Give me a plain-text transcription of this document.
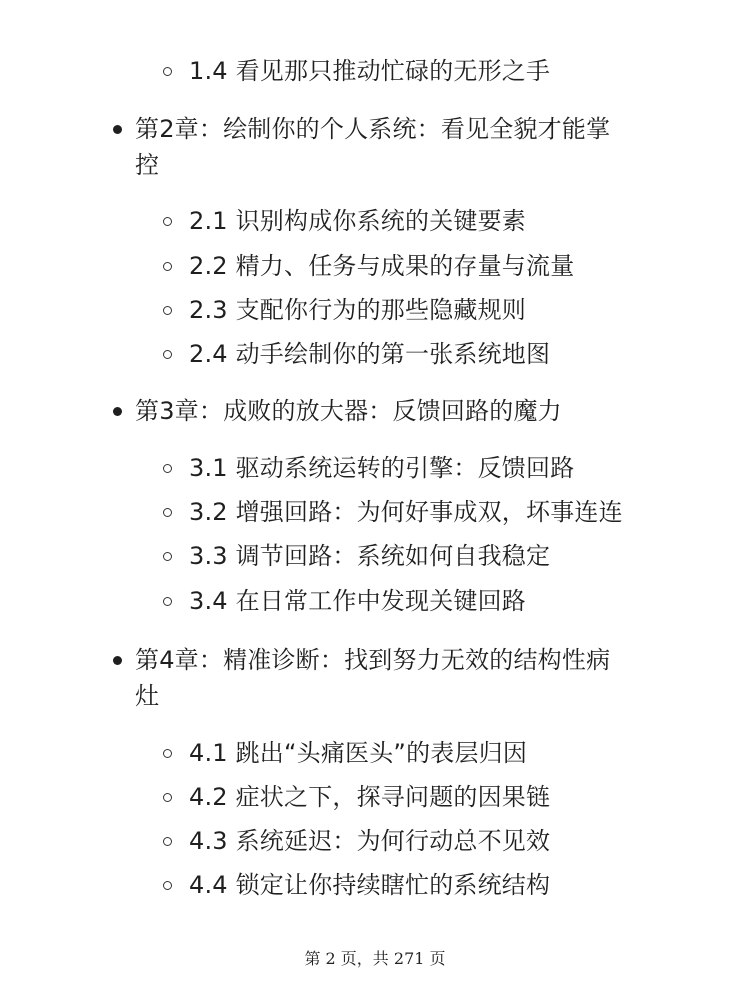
1.4 看见那只推动忙碌的无形之手
第2章：绘制你的个人系统：看见全貌才能掌
控
2.1 识别构成你系统的关键要素
2.2 精力、任务与成果的存量与流量
2.3 支配你行为的那些隐藏规则
2.4 动手绘制你的第一张系统地图
第3章：成败的放大器：反馈回路的魔力
3.1 驱动系统运转的引擎：反馈回路
3.2 增强回路：为何好事成双，坏事连连
3.3 调节回路：系统如何自我稳定
3.4 在日常工作中发现关键回路
第4章：精准诊断：找到努力无效的结构性病
灶
4.1 跳出“头痛医头”的表层归因
4.2 症状之下，探寻问题的因果链
4.3 系统延迟：为何行动总不见效
4.4 锁定让你持续瞎忙的系统结构
第 2 页，共 271 页
